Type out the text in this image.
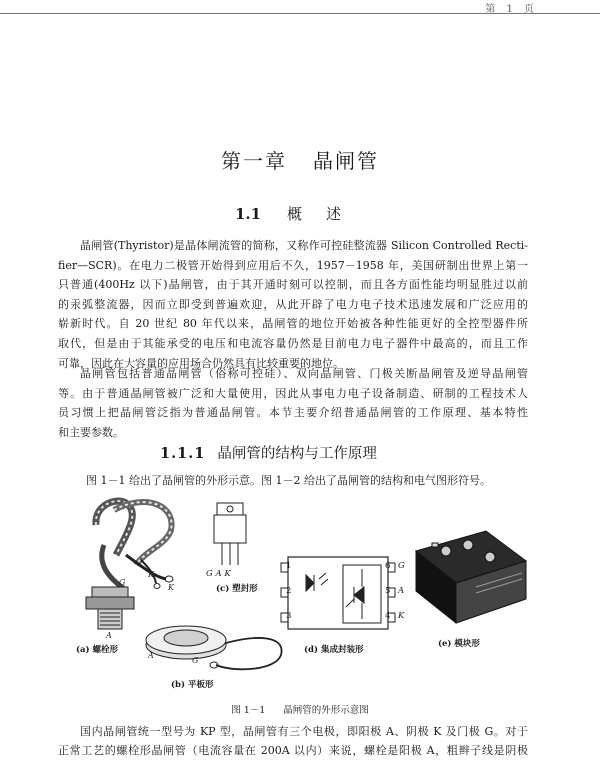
第 1 页
第一章 晶闸管
1.1 概述

晶闸管(Thyristor)是晶体闸流管的简称，又称作可控硅整流器 Silicon Controlled Recti-
fier—SCR)。在电力二极管开始得到应用后不久，1957－1958 年，美国研制出世界上第一
只普通(400Hz 以下)晶闸管，由于其开通时刻可以控制，而且各方面性能均明显胜过以前
的汞弧整流器，因而立即受到普遍欢迎，从此开辟了电力电子技术迅速发展和广泛应用的
崭新时代。自 20 世纪 80 年代以来，晶闸管的地位开始被各种性能更好的全控型器件所
取代，但是由于其能承受的电压和电流容量仍然是目前电力电子器件中最高的，而且工作
可靠，因此在大容量的应用场合仍然具有比较重要的地位。

晶闸管包括普通晶闸管（俗称可控硅）、双向晶闸管、门极关断晶闸管及逆导晶闸管
等。由于普通晶闸管被广泛和大量使用，因此从事电力电子设备制造、研制的工程技术人
员习惯上把晶闸管泛指为普通晶闸管。本节主要介绍普通晶闸管的工作原理、基本特性
和主要参数。

1.1.1 晶闸管的结构与工作原理
图 1－1 给出了晶闸管的外形示意。图 1－2 给出了晶闸管的结构和电气图形符号。
G
K
K
A
A
G
G A K
(c) 塑封形
1
2
3
6
5
4
G
A
K
(a) 螺栓形	(d) 集成封装形
(e) 模块形
(b) 平板形
图 1－1 晶闸管的外形示意图

国内晶闸管统一型号为 KP 型，晶闸管有三个电极，即阳极 A、阴极 K 及门极 G。对于
正常工艺的螺栓形晶闸管（电流容量在 200A 以内）来说，螺栓是阳极 A，粗辫子线是阴极
